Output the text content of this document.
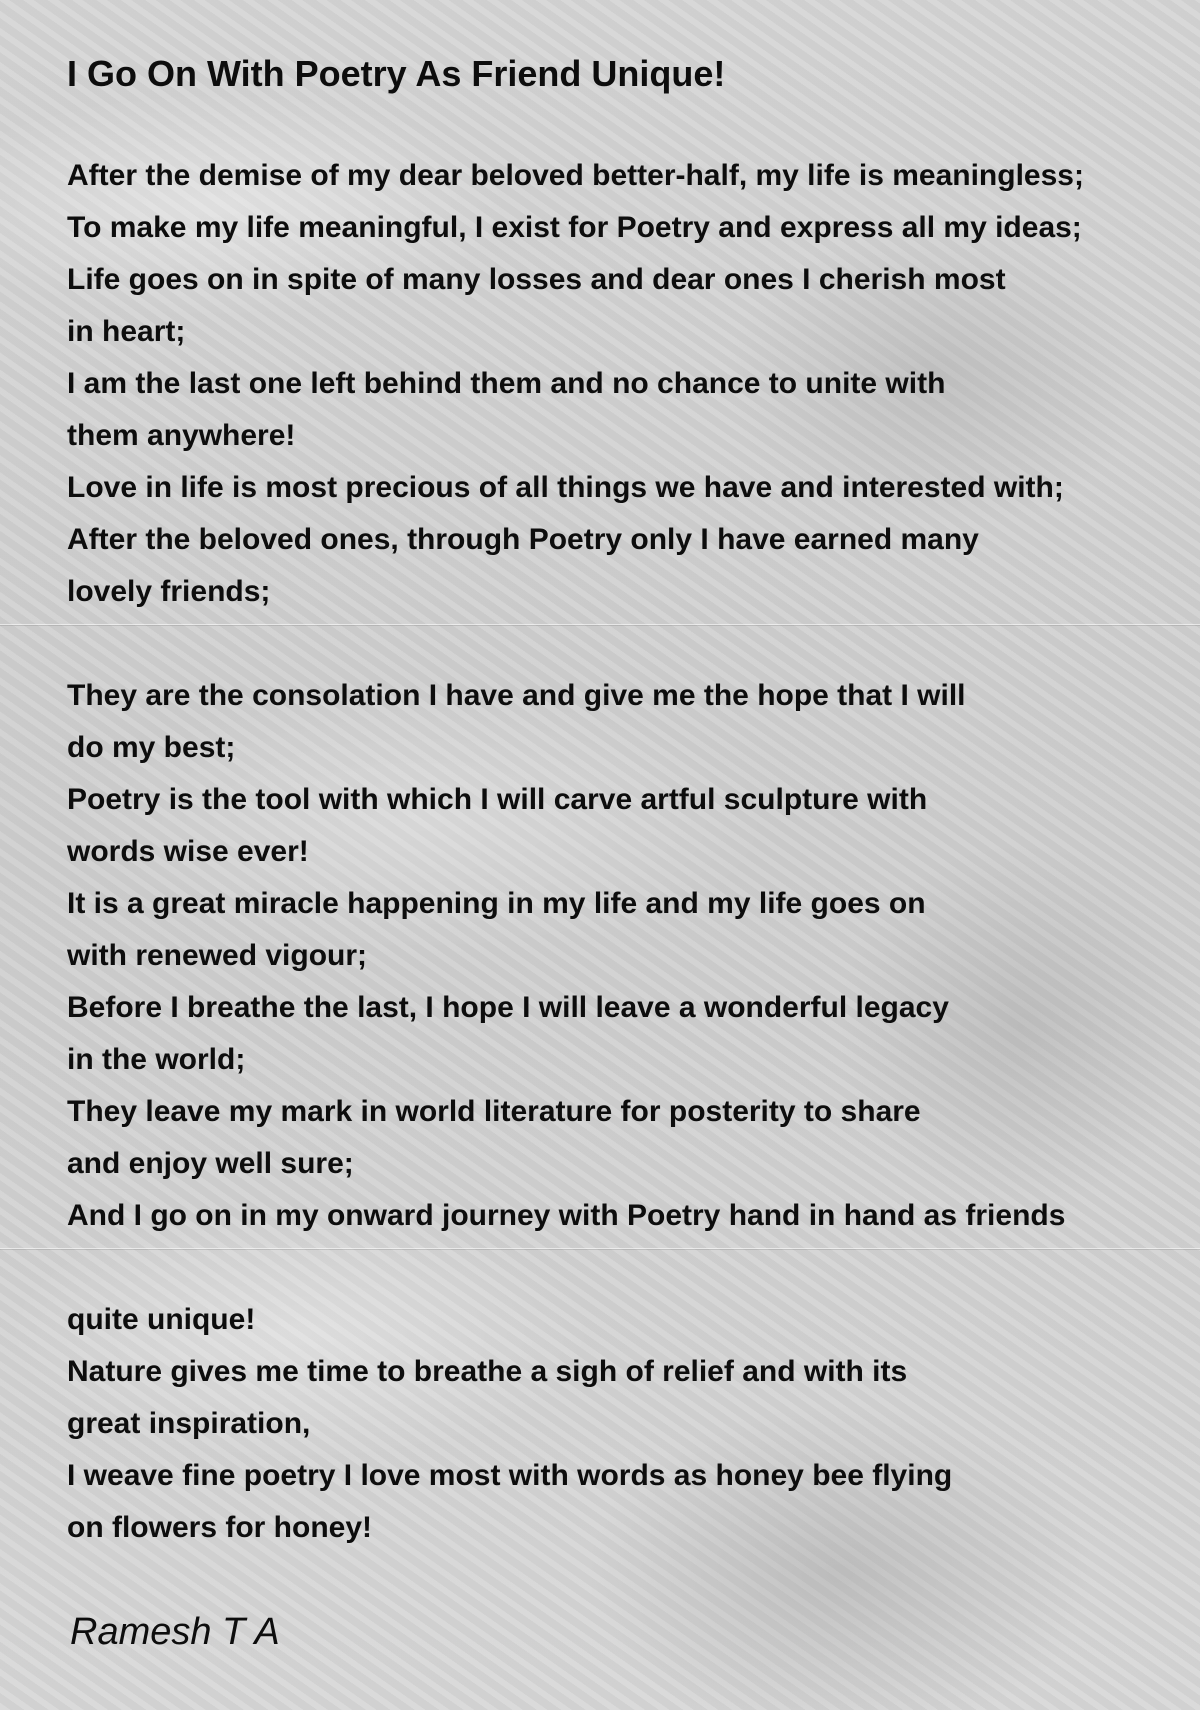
I Go On With Poetry As Friend Unique!
After the demise of my dear beloved better-half, my life is meaningless;
To make my life meaningful, I exist for Poetry and express all my ideas;
Life goes on in spite of many losses and dear ones I cherish most
in heart;
I am the last one left behind them and no chance to unite with
them anywhere!
Love in life is most precious of all things we have and interested with;
After the beloved ones, through Poetry only I have earned many
lovely friends;
They are the consolation I have and give me the hope that I will
do my best;
Poetry is the tool with which I will carve artful sculpture with
words wise ever!
It is a great miracle happening in my life and my life goes on
with renewed vigour;
Before I breathe the last, I hope I will leave a wonderful legacy
in the world;
They leave my mark in world literature for posterity to share
and enjoy well sure;
And I go on in my onward journey with Poetry hand in hand as friends
quite unique!
Nature gives me time to breathe a sigh of relief and with its
great inspiration,
I weave fine poetry I love most with words as honey bee flying
on flowers for honey!
Ramesh T A
